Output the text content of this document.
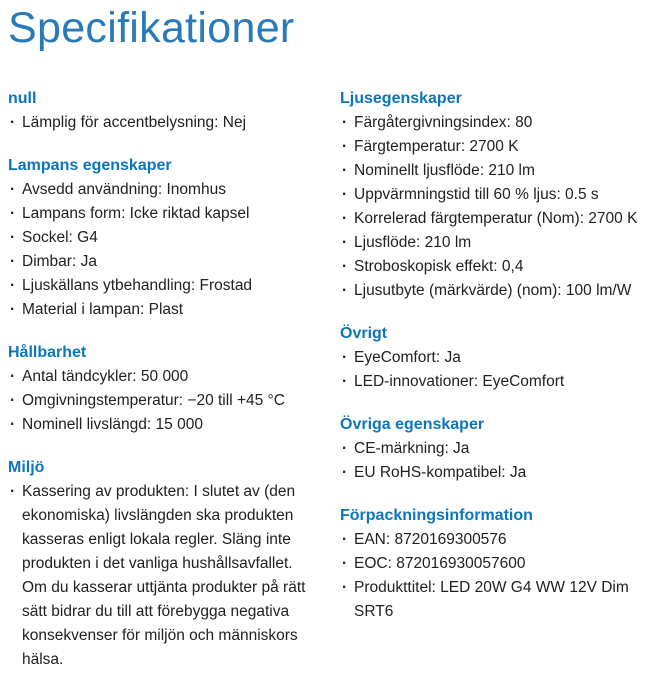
Specifikationer
null
· Lämplig för accentbelysning: Nej
Lampans egenskaper
· Avsedd användning: Inomhus
· Lampans form: Icke riktad kapsel
· Sockel: G4
· Dimbar: Ja
· Ljuskällans ytbehandling: Frostad
· Material i lampan: Plast
Hållbarhet
· Antal tändcykler: 50 000
· Omgivningstemperatur: −20 till +45 °C
· Nominell livslängd: 15 000
Miljö
· Kassering av produkten: I slutet av (den ekonomiska) livslängden ska produkten kasseras enligt lokala regler. Släng inte produkten i det vanliga hushållsavfallet. Om du kasserar uttjänta produkter på rätt sätt bidrar du till att förebygga negativa konsekvenser för miljön och människors hälsa.
Ljusegenskaper
· Färgåtergivningsindex: 80
· Färgtemperatur: 2700 K
· Nominellt ljusflöde: 210 lm
· Uppvärmningstid till 60 % ljus: 0.5 s
· Korrelerad färgtemperatur (Nom): 2700 K
· Ljusflöde: 210 lm
· Stroboskopisk effekt: 0,4
· Ljusutbyte (märkvärde) (nom): 100 lm/W
Övrigt
· EyeComfort: Ja
· LED-innovationer: EyeComfort
Övriga egenskaper
· CE-märkning: Ja
· EU RoHS-kompatibel: Ja
Förpackningsinformation
· EAN: 8720169300576
· EOC: 872016930057600
· Produkttitel: LED 20W G4 WW 12V Dim SRT6
